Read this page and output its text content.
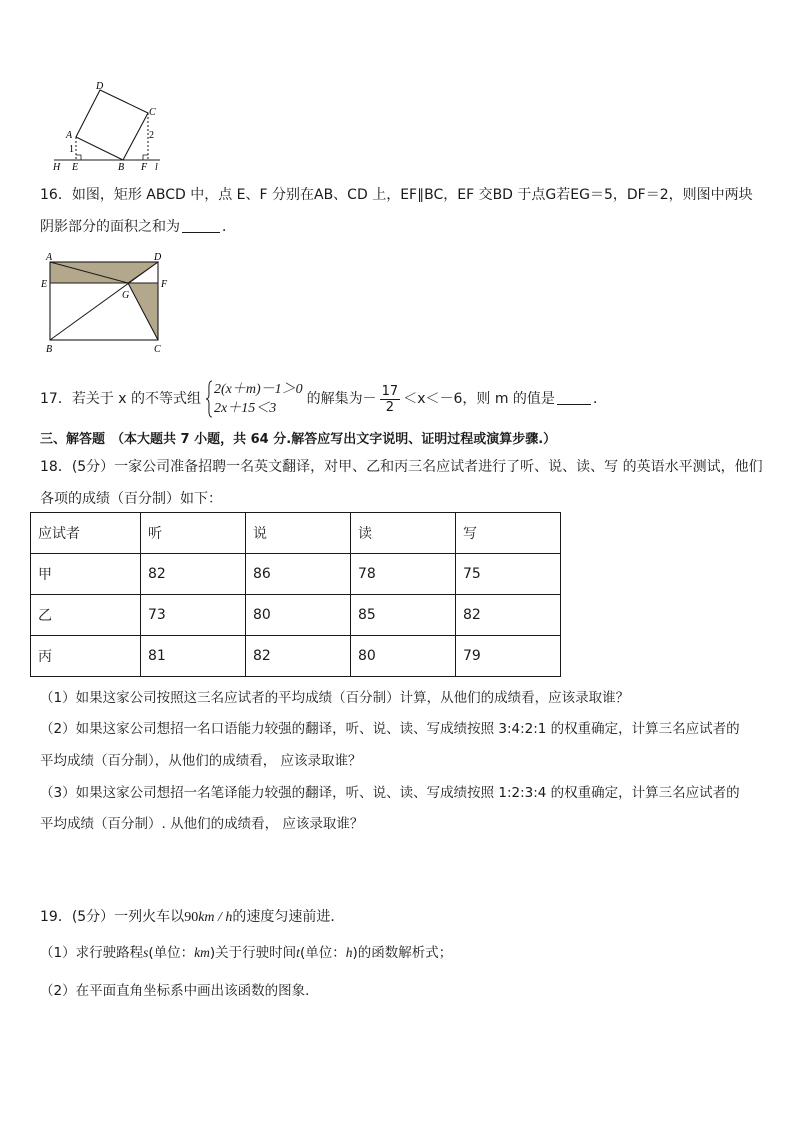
D
C
A	2
1
H E	B F l
16．如图，矩形 ABCD 中，点 E、F 分别在AB、CD 上，EF∥BC，EF 交BD 于点G若EG＝5，DF＝2，则图中两块
阴影部分的面积之和为	．
A	D
E	F
G
B	C
17．若关于 x 的不等式组
2(x＋m)－1＞0
2x＋15＜3
的解集为－ $\frac{17}{2} <x<-6$，则 m 的值是	．
三、解答题 （本大题共 7 小题，共 64 分.解答应写出文字说明、证明过程或演算步骤.）
18．(5分）一家公司准备招聘一名英文翻译，对甲、乙和丙三名应试者进行了听、说、读、写 的英语水平测试，他们
各项的成绩（百分制）如下：
应试者	听	说	读	写
甲	82	86	78	75
乙	73	80	85	82
丙	81	82	80	79
（1）如果这家公司按照这三名应试者的平均成绩（百分制）计算，从他们的成绩看，应该录取谁？
（2）如果这家公司想招一名口语能力较强的翻译，听、说、读、写成绩按照 3:4:2:1 的权重确定，计算三名应试者的
平均成绩（百分制），从他们的成绩看， 应该录取谁？
（3）如果这家公司想招一名笔译能力较强的翻译，听、说、读、写成绩按照 1:2:3:4 的权重确定，计算三名应试者的
平均成绩（百分制）. 从他们的成绩看， 应该录取谁？
19．(5分）一列火车以90km / h的速度匀速前进．
（1）求行驶路程s(单位：km)关于行驶时间t(单位：h)的函数解析式；
（2）在平面直角坐标系中画出该函数的图象．
